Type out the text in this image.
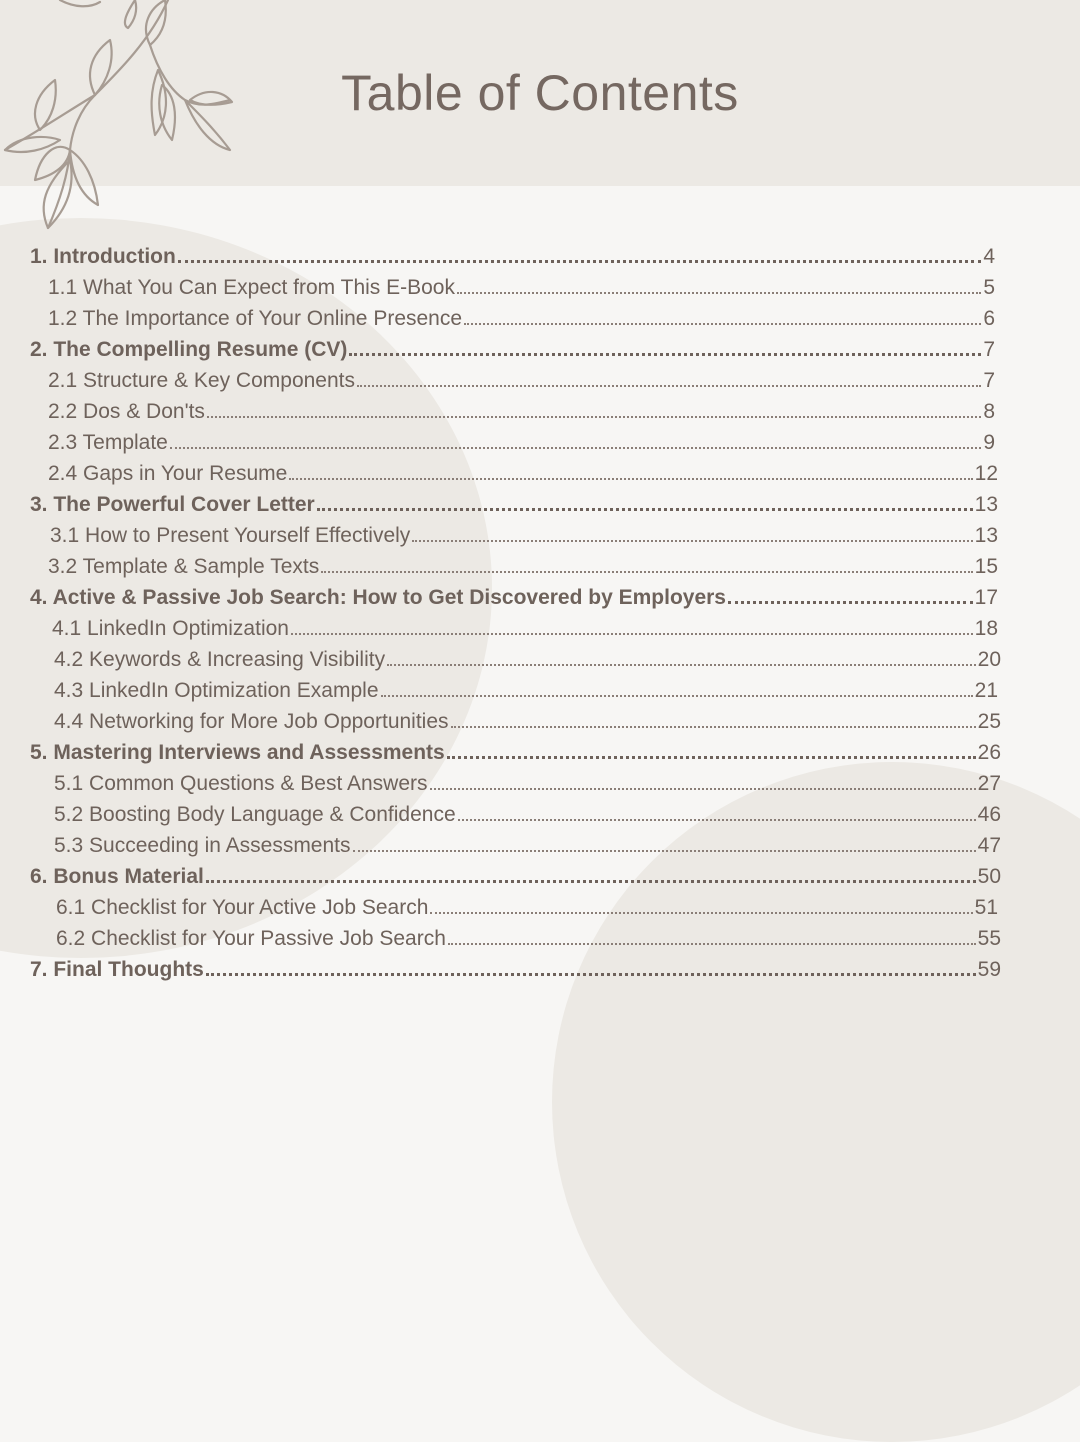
Table of Contents
1. Introduction	4
1.1 What You Can Expect from This E-Book	5
1.2 The Importance of Your Online Presence	6
2. The Compelling Resume (CV)	7
2.1 Structure & Key Components	7
2.2 Dos & Don'ts	8
2.3 Template	9
2.4 Gaps in Your Resume	12
3. The Powerful Cover Letter	13
3.1 How to Present Yourself Effectively	13
3.2 Template & Sample Texts	15
4. Active & Passive Job Search: How to Get Discovered by Employers	17
4.1 LinkedIn Optimization	18
4.2 Keywords & Increasing Visibility	20
4.3 LinkedIn Optimization Example	21
4.4 Networking for More Job Opportunities	25
5. Mastering Interviews and Assessments	26
5.1 Common Questions & Best Answers	27
5.2 Boosting Body Language & Confidence	46
5.3 Succeeding in Assessments	47
6. Bonus Material	50
6.1 Checklist for Your Active Job Search	51
6.2 Checklist for Your Passive Job Search	55
7. Final Thoughts	59
